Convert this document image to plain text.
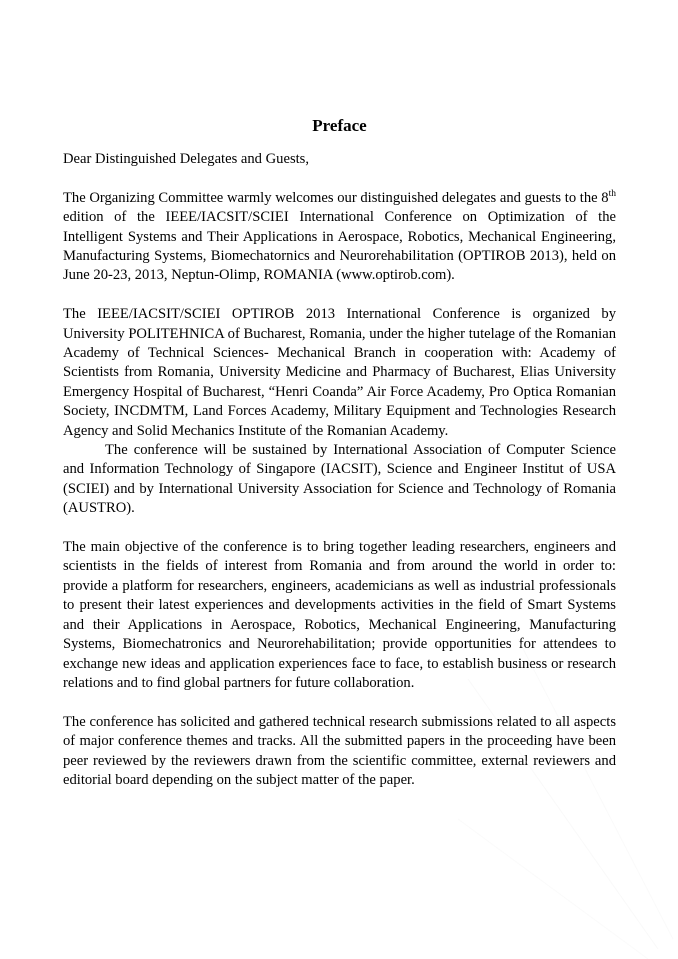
Preface

Dear Distinguished Delegates and Guests,

The Organizing Committee warmly welcomes our distinguished delegates and guests to the 8th edition of the IEEE/IACSIT/SCIEI International Conference on Optimization of the Intelligent Systems and Their Applications in Aerospace, Robotics, Mechanical Engineering, Manufacturing Systems, Biomechatornics and Neurorehabilitation (OPTIROB 2013), held on June 20-23, 2013, Neptun-Olimp, ROMANIA (www.optirob.com).

The IEEE/IACSIT/SCIEI OPTIROB 2013 International Conference is organized by University POLITEHNICA of Bucharest, Romania, under the higher tutelage of the Romanian Academy of Technical Sciences- Mechanical Branch in cooperation with: Academy of Scientists from Romania, University Medicine and Pharmacy of Bucharest, Elias University Emergency Hospital of Bucharest, “Henri Coanda” Air Force Academy, Pro Optica Romanian Society, INCDMTM, Land Forces Academy, Military Equipment and Technologies Research Agency and Solid Mechanics Institute of the Romanian Academy.

The conference will be sustained by International Association of Computer Science and Information Technology of Singapore (IACSIT), Science and Engineer Institut of USA (SCIEI) and by International University Association for Science and Technology of Romania (AUSTRO).

The main objective of the conference is to bring together leading researchers, engineers and scientists in the fields of interest from Romania and from around the world in order to: provide a platform for researchers, engineers, academicians as well as industrial professionals to present their latest experiences and developments activities in the field of Smart Systems and their Applications in Aerospace, Robotics, Mechanical Engineering, Manufacturing Systems, Biomechatronics and Neurorehabilitation; provide opportunities for attendees to exchange new ideas and application experiences face to face, to establish business or research relations and to find global partners for future collaboration.

The conference has solicited and gathered technical research submissions related to all aspects of major conference themes and tracks. All the submitted papers in the proceeding have been peer reviewed by the reviewers drawn from the scientific committee, external reviewers and editorial board depending on the subject matter of the paper.
